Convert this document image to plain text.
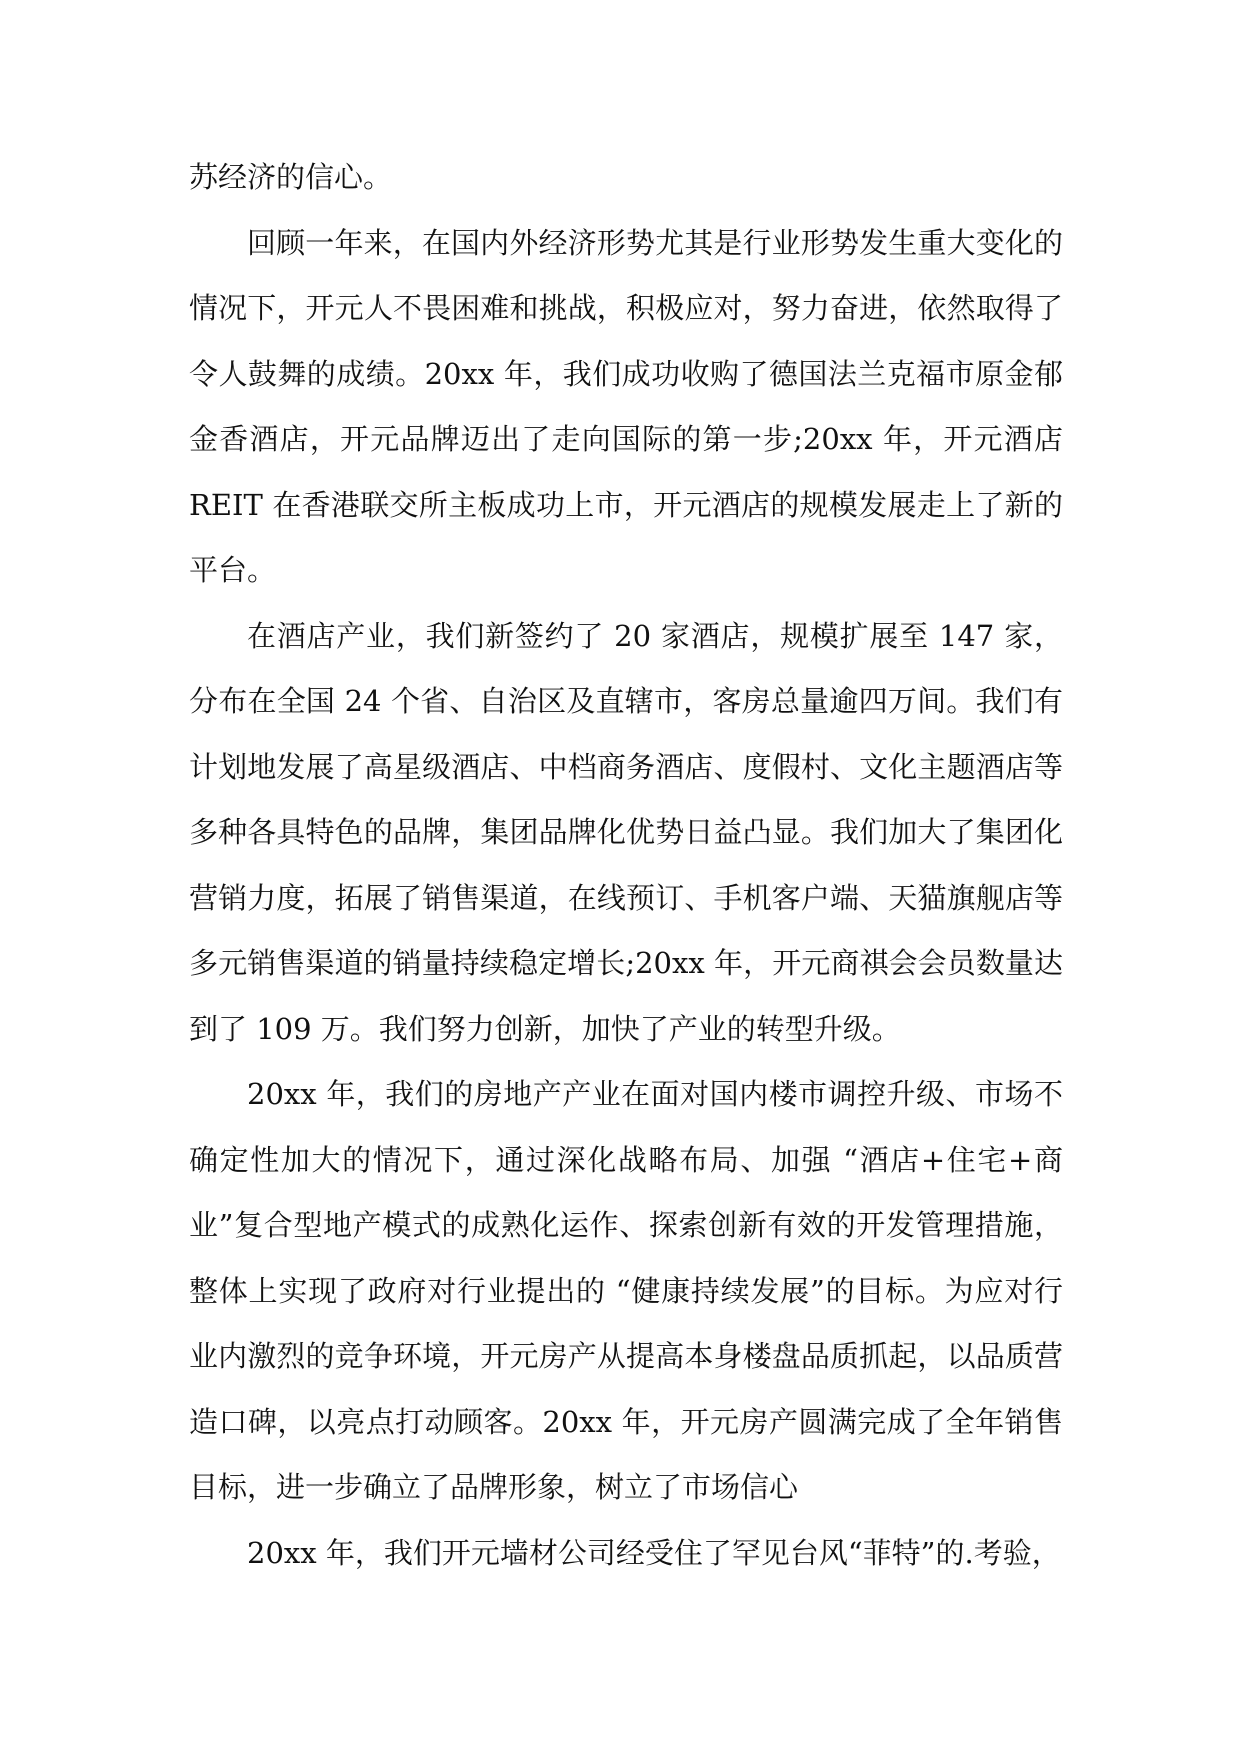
苏经济的信心。

回顾一年来，在国内外经济形势尤其是行业形势发生重大变化的情况下，开元人不畏困难和挑战，积极应对，努力奋进，依然取得了令人鼓舞的成绩。20xx 年，我们成功收购了德国法兰克福市原金郁金香酒店，开元品牌迈出了走向国际的第一步;20xx 年，开元酒店 REIT 在香港联交所主板成功上市，开元酒店的规模发展走上了新的平台。

在酒店产业，我们新签约了 20 家酒店，规模扩展至 147 家，分布在全国 24 个省、自治区及直辖市，客房总量逾四万间。我们有计划地发展了高星级酒店、中档商务酒店、度假村、文化主题酒店等多种各具特色的品牌，集团品牌化优势日益凸显。我们加大了集团化营销力度，拓展了销售渠道，在线预订、手机客户端、天猫旗舰店等多元销售渠道的销量持续稳定增长;20xx 年，开元商祺会会员数量达到了 109 万。我们努力创新，加快了产业的转型升级。

20xx 年，我们的房地产产业在面对国内楼市调控升级、市场不确定性加大的情况下，通过深化战略布局、加强 “酒店+住宅+商业”复合型地产模式的成熟化运作、探索创新有效的开发管理措施，整体上实现了政府对行业提出的 “健康持续发展”的目标。为应对行业内激烈的竞争环境，开元房产从提高本身楼盘品质抓起，以品质营造口碑，以亮点打动顾客。20xx 年，开元房产圆满完成了全年销售目标，进一步确立了品牌形象，树立了市场信心

20xx 年，我们开元墙材公司经受住了罕见台风“菲特”的.考验，
